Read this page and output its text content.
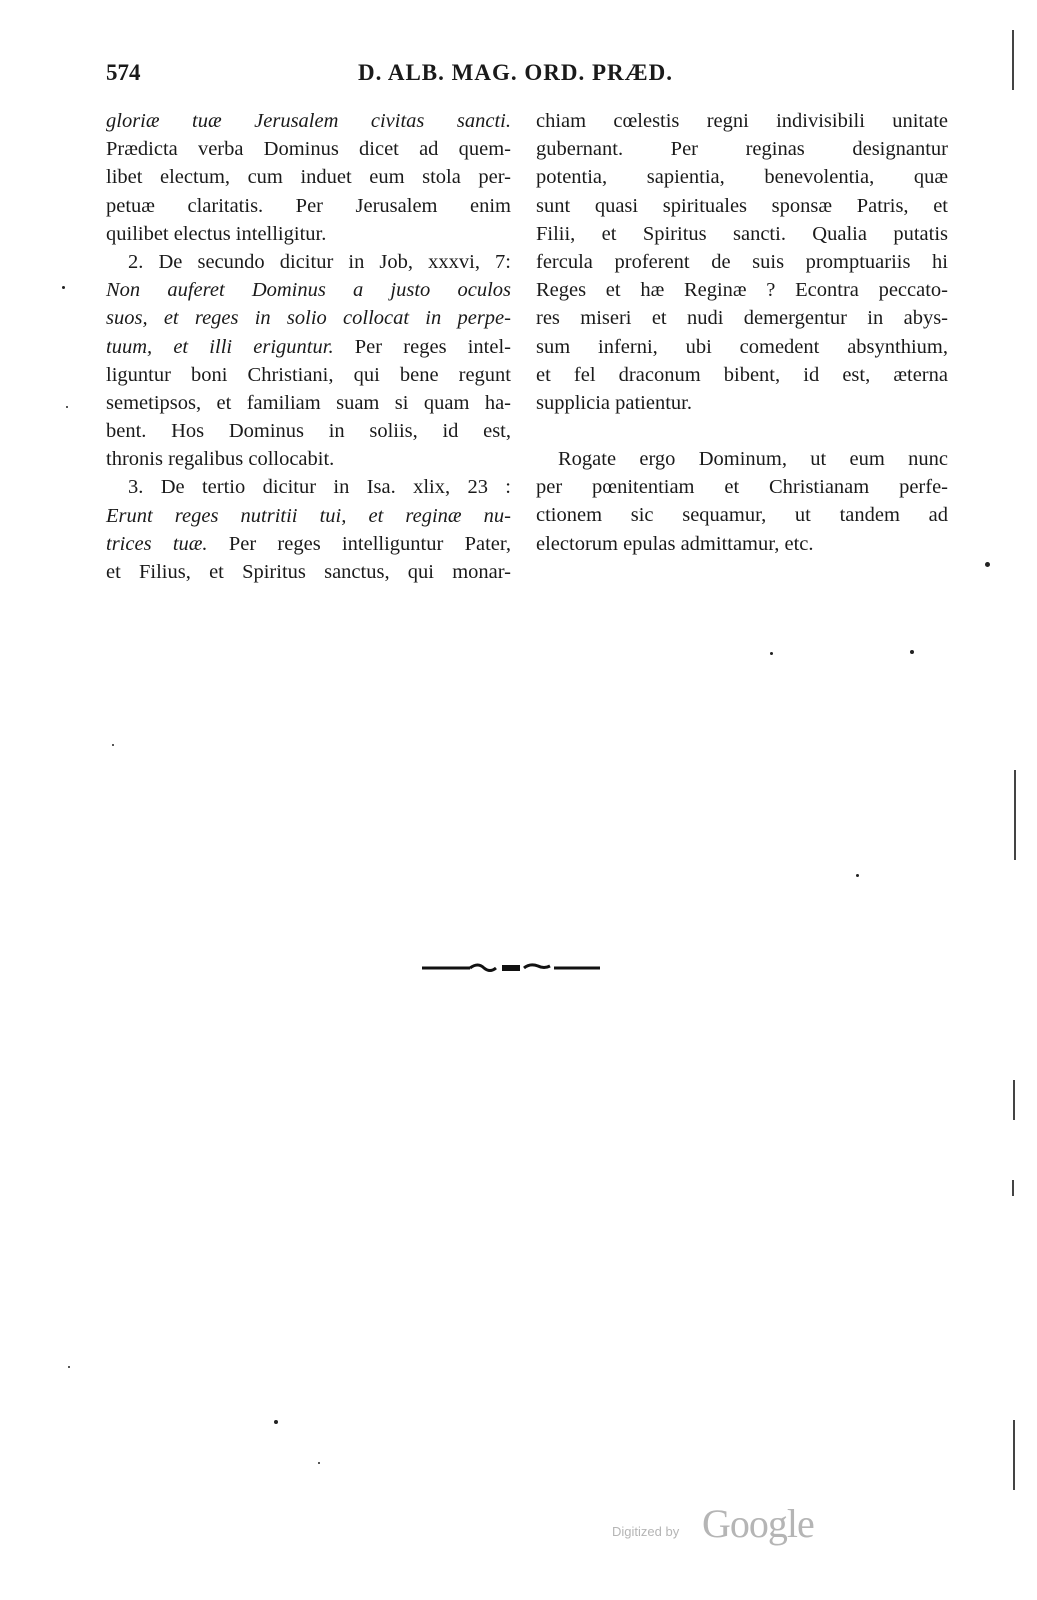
574	D. ALB. MAG. ORD. PRÆD.
gloriæ tuæ Jerusalem civitas sancti.
Prædicta verba Dominus dicet ad quem-
libet electum, cum induet eum stola per-
petuæ claritatis. Per Jerusalem enim
quilibet electus intelligitur.
2. De secundo dicitur in Job, xxxvi, 7:
Non auferet Dominus a justo oculos
suos, et reges in solio collocat in perpe-
tuum, et illi eriguntur. Per reges intel-
liguntur boni Christiani, qui bene regunt
semetipsos, et familiam suam si quam ha-
bent. Hos Dominus in soliis, id est,
thronis regalibus collocabit.
3. De tertio dicitur in Isa. xlix, 23 :
Erunt reges nutritii tui, et reginæ nu-
trices tuæ. Per reges intelliguntur Pater,
et Filius, et Spiritus sanctus, qui monar-
chiam cœlestis regni indivisibili unitate
gubernant. Per reginas designantur
potentia, sapientia, benevolentia, quæ
sunt quasi spirituales sponsæ Patris, et
Filii, et Spiritus sancti. Qualia putatis
fercula proferent de suis promptuariis hi
Reges et hæ Reginæ ? Econtra peccato-
res miseri et nudi demergentur in abys-
sum inferni, ubi comedent absynthium,
et fel draconum bibent, id est, æterna
supplicia patientur.
Rogate ergo Dominum, ut eum nunc
per pœnitentiam et Christianam perfe-
ctionem sic sequamur, ut tandem ad
electorum epulas admittamur, etc.
Digitized by Google
